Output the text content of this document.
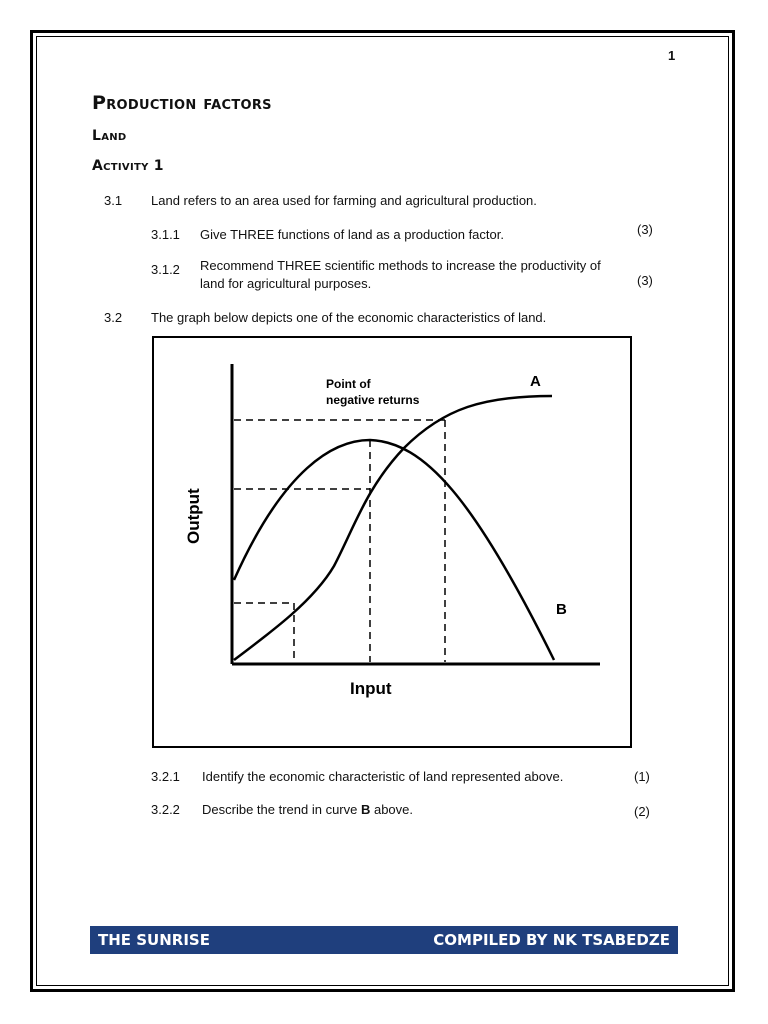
1
Production factors
Land
Activity 1
3.1 Land refers to an area used for farming and agricultural production.
3.1.1 Give THREE functions of land as a production factor.	(3)
3.1.2 Recommend THREE scientific methods to increase the productivity of
land for agricultural purposes.	(3)
3.2 The graph below depicts one of the economic characteristics of land.
Point of
negative returns
A
B
Input
Output
3.2.1 Identify the economic characteristic of land represented above.	(1)
3.2.2 Describe the trend in curve B above.	(2)
THE SUNRISE	COMPILED BY NK TSABEDZE
